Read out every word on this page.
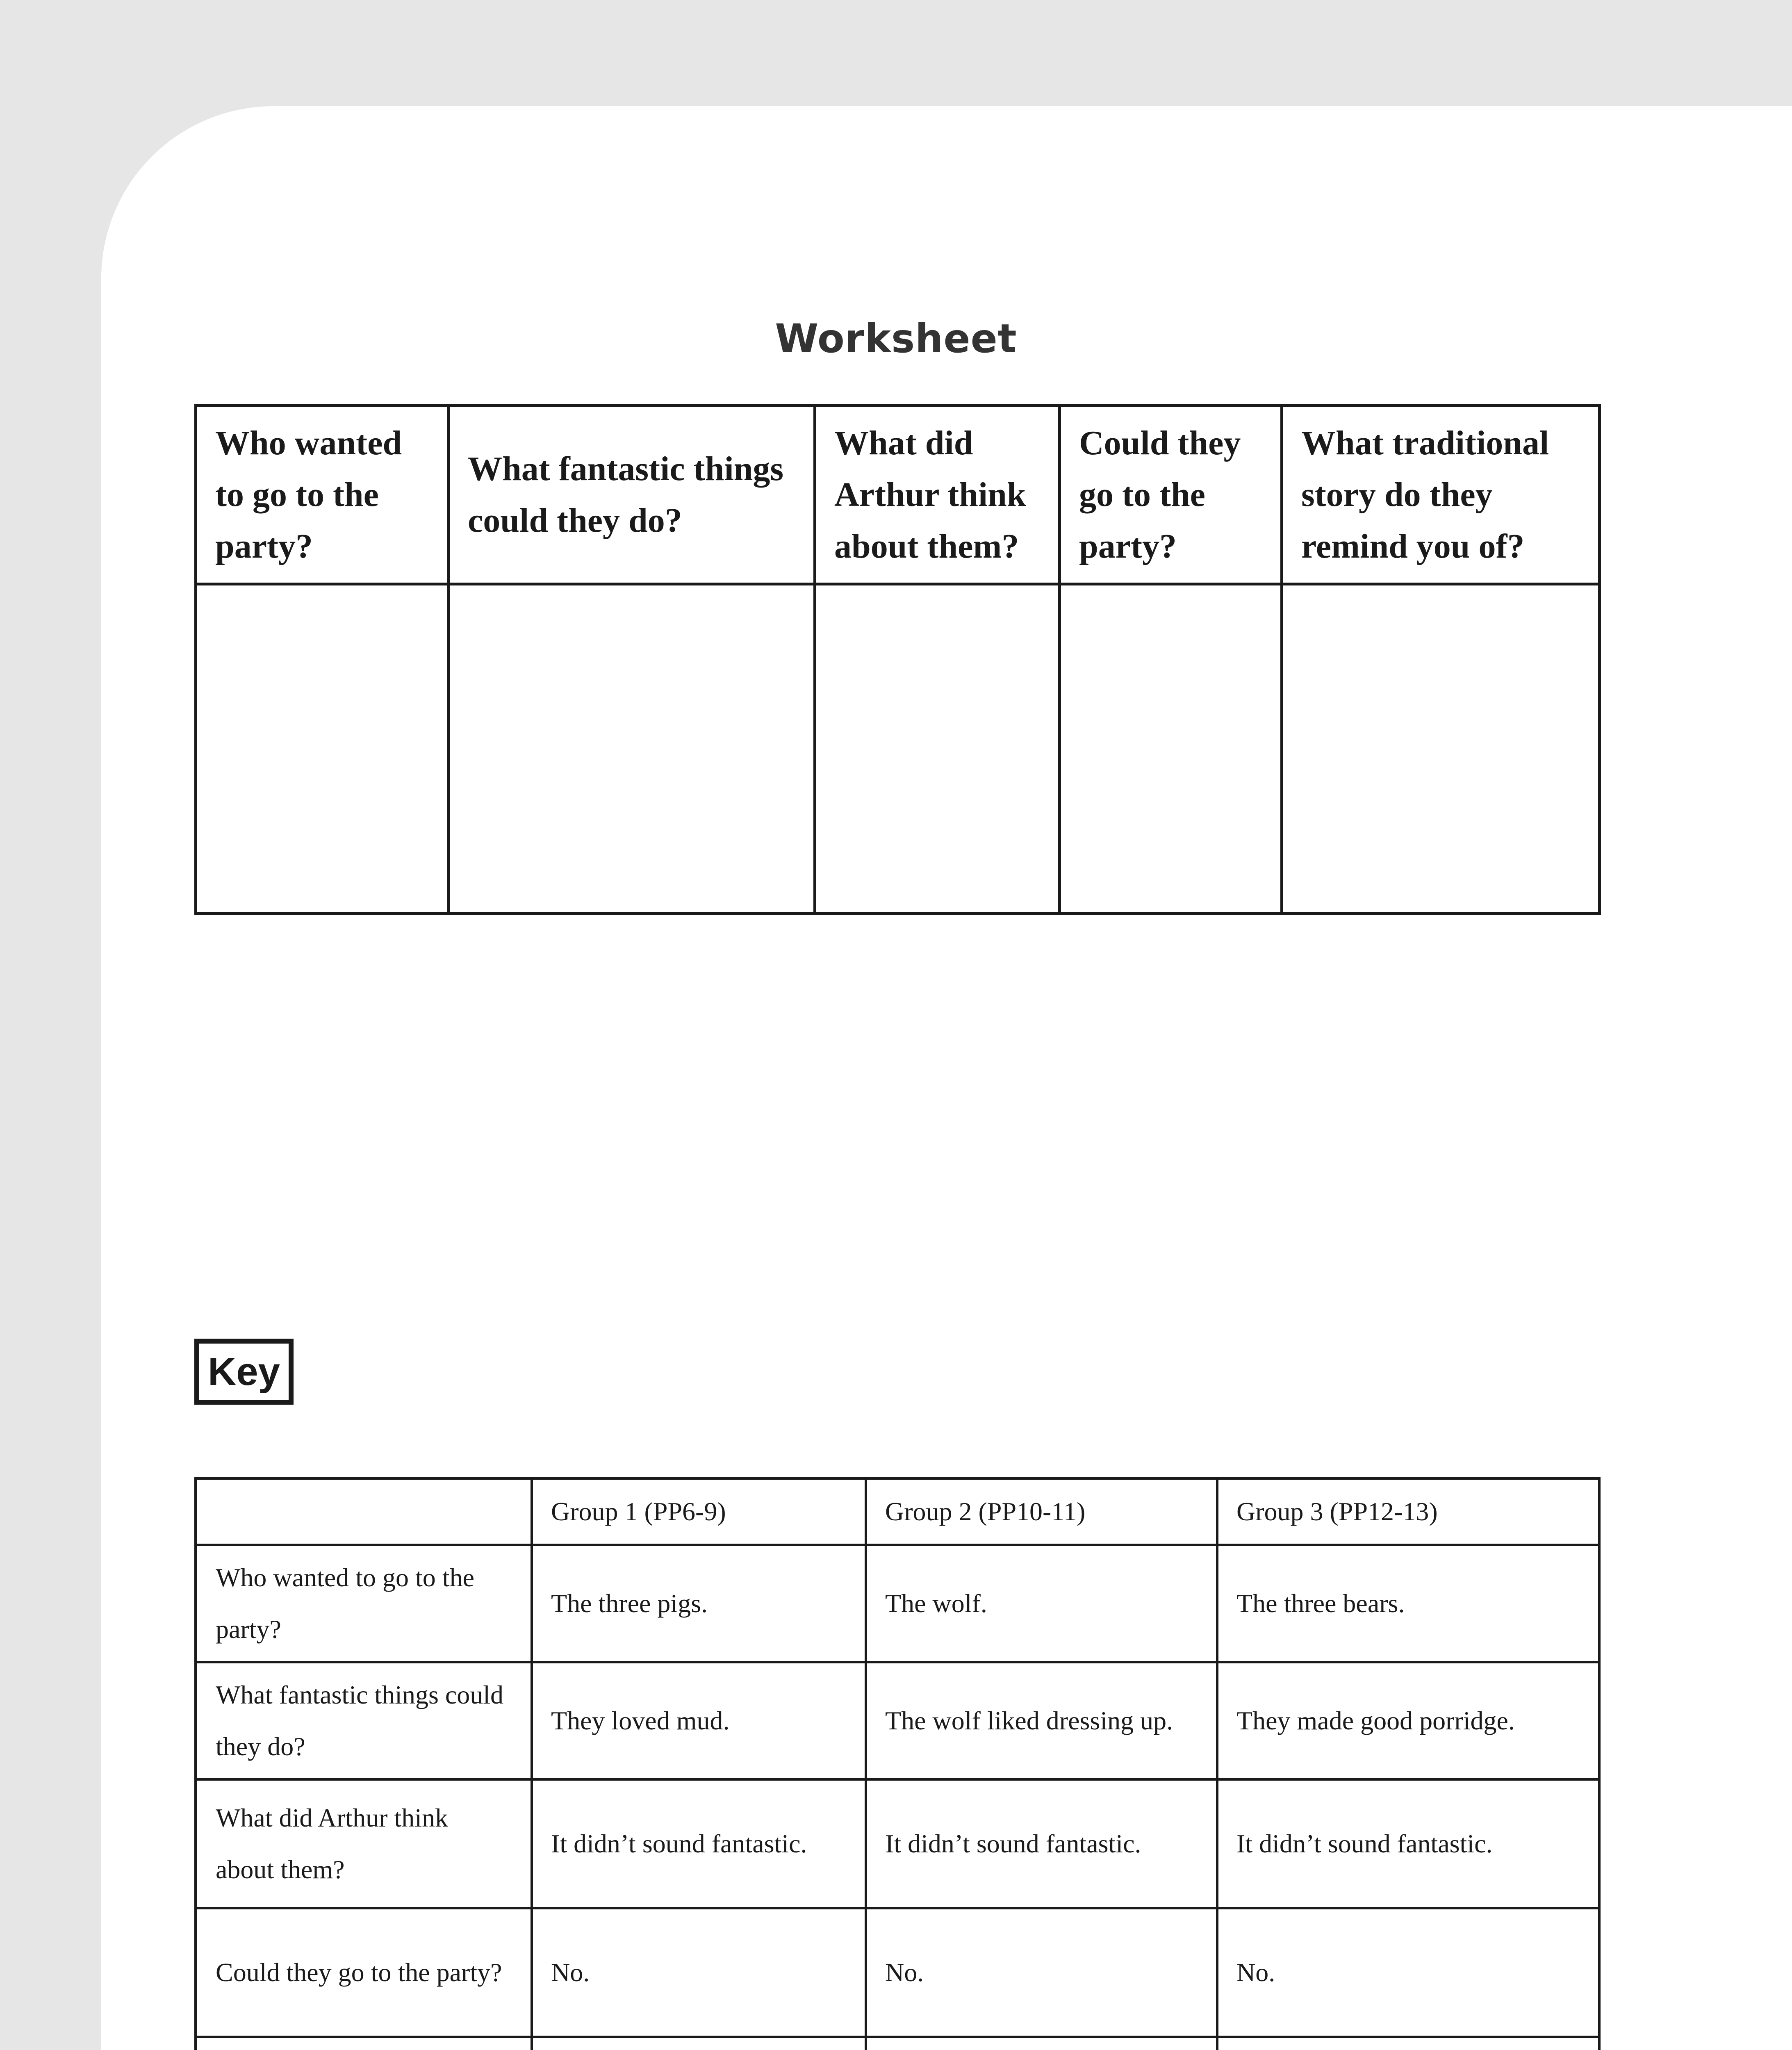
Worksheet
Who wanted to go to the party?	What fantastic things could they do?	What did Arthur think about them?	Could they go to the party?	What traditional story do they remind you of?

Key
	Group 1 (PP6-9)	Group 2 (PP10-11)	Group 3 (PP12-13)
Who wanted to go to the party?	The three pigs.	The wolf.	The three bears.
What fantastic things could they do?	They loved mud.	The wolf liked dressing up.	They made good porridge.
What did Arthur think about them?	It didn’t sound fantastic.	It didn’t sound fantastic.	It didn’t sound fantastic.
Could they go to the party?	No.	No.	No.
